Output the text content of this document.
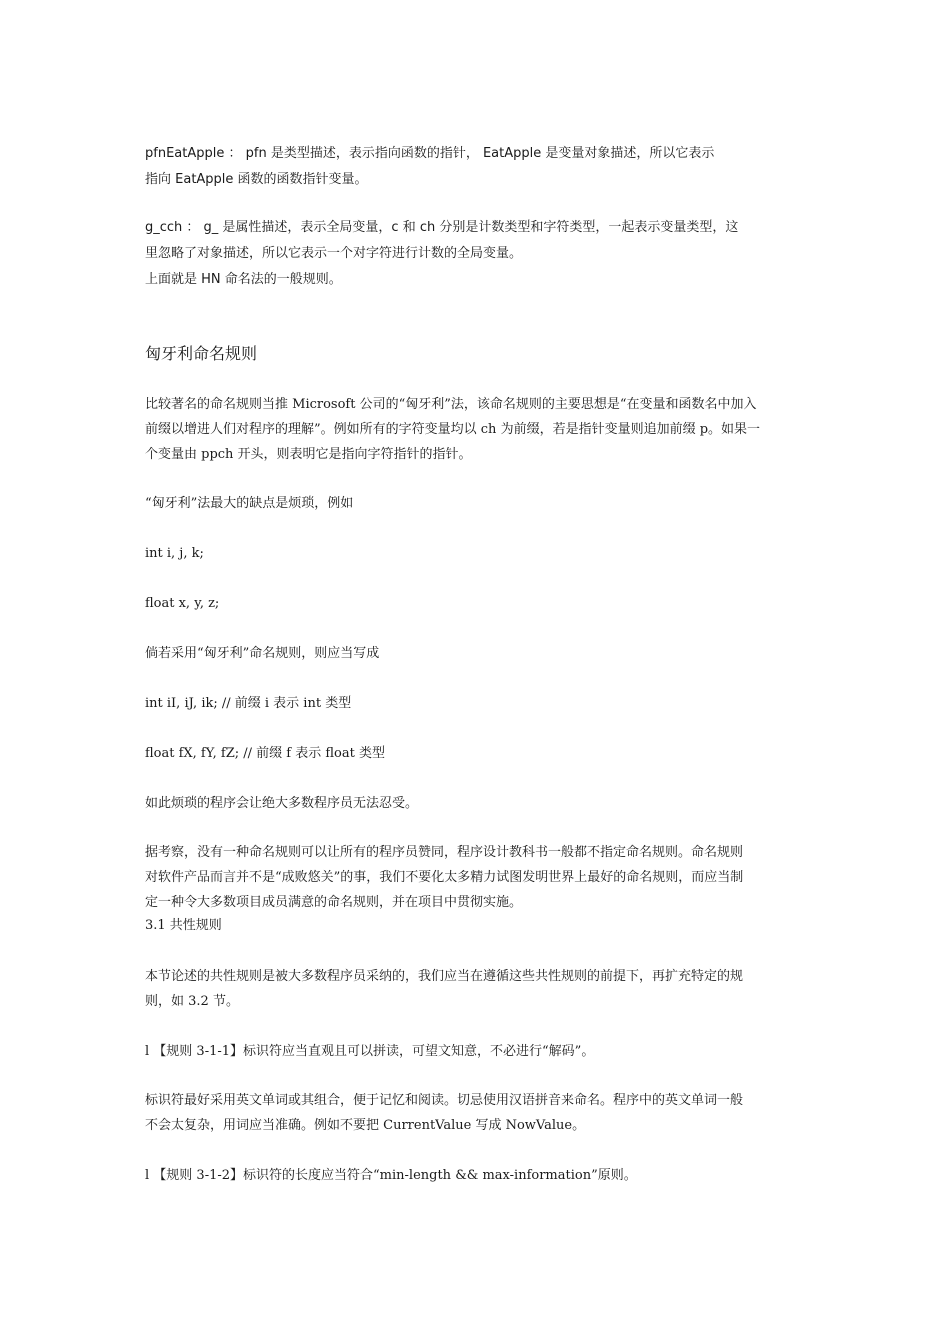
pfnEatApple ： pfn 是类型描述，表示指向函数的指针， EatApple 是变量对象描述，所以它表示

指向 EatApple 函数的函数指针变量。

g_cch ： g_ 是属性描述，表示全局变量，c 和 ch 分别是计数类型和字符类型，一起表示变量类型，这

里忽略了对象描述，所以它表示一个对字符进行计数的全局变量。

上面就是 HN 命名法的一般规则。

匈牙利命名规则

比较著名的命名规则当推 Microsoft 公司的“匈牙利”法，该命名规则的主要思想是“在变量和函数名中加入

前缀以增进人们对程序的理解”。例如所有的字符变量均以 ch 为前缀，若是指针变量则追加前缀 p。如果一

个变量由 ppch 开头，则表明它是指向字符指针的指针。

“匈牙利”法最大的缺点是烦琐，例如

int i, j, k;

float x, y, z;

倘若采用“匈牙利”命名规则，则应当写成

int iI, iJ, ik; // 前缀 i 表示 int 类型

float fX, fY, fZ; // 前缀 f 表示 float 类型

如此烦琐的程序会让绝大多数程序员无法忍受。

据考察，没有一种命名规则可以让所有的程序员赞同，程序设计教科书一般都不指定命名规则。命名规则

对软件产品而言并不是“成败悠关”的事，我们不要化太多精力试图发明世界上最好的命名规则，而应当制

定一种令大多数项目成员满意的命名规则，并在项目中贯彻实施。

3.1 共性规则

本节论述的共性规则是被大多数程序员采纳的，我们应当在遵循这些共性规则的前提下，再扩充特定的规

则，如 3.2 节。

l 【规则 3-1-1】标识符应当直观且可以拼读，可望文知意，不必进行“解码”。

标识符最好采用英文单词或其组合，便于记忆和阅读。切忌使用汉语拼音来命名。程序中的英文单词一般

不会太复杂，用词应当准确。例如不要把 CurrentValue 写成 NowValue。

l 【规则 3-1-2】标识符的长度应当符合“min-length && max-information”原则。
